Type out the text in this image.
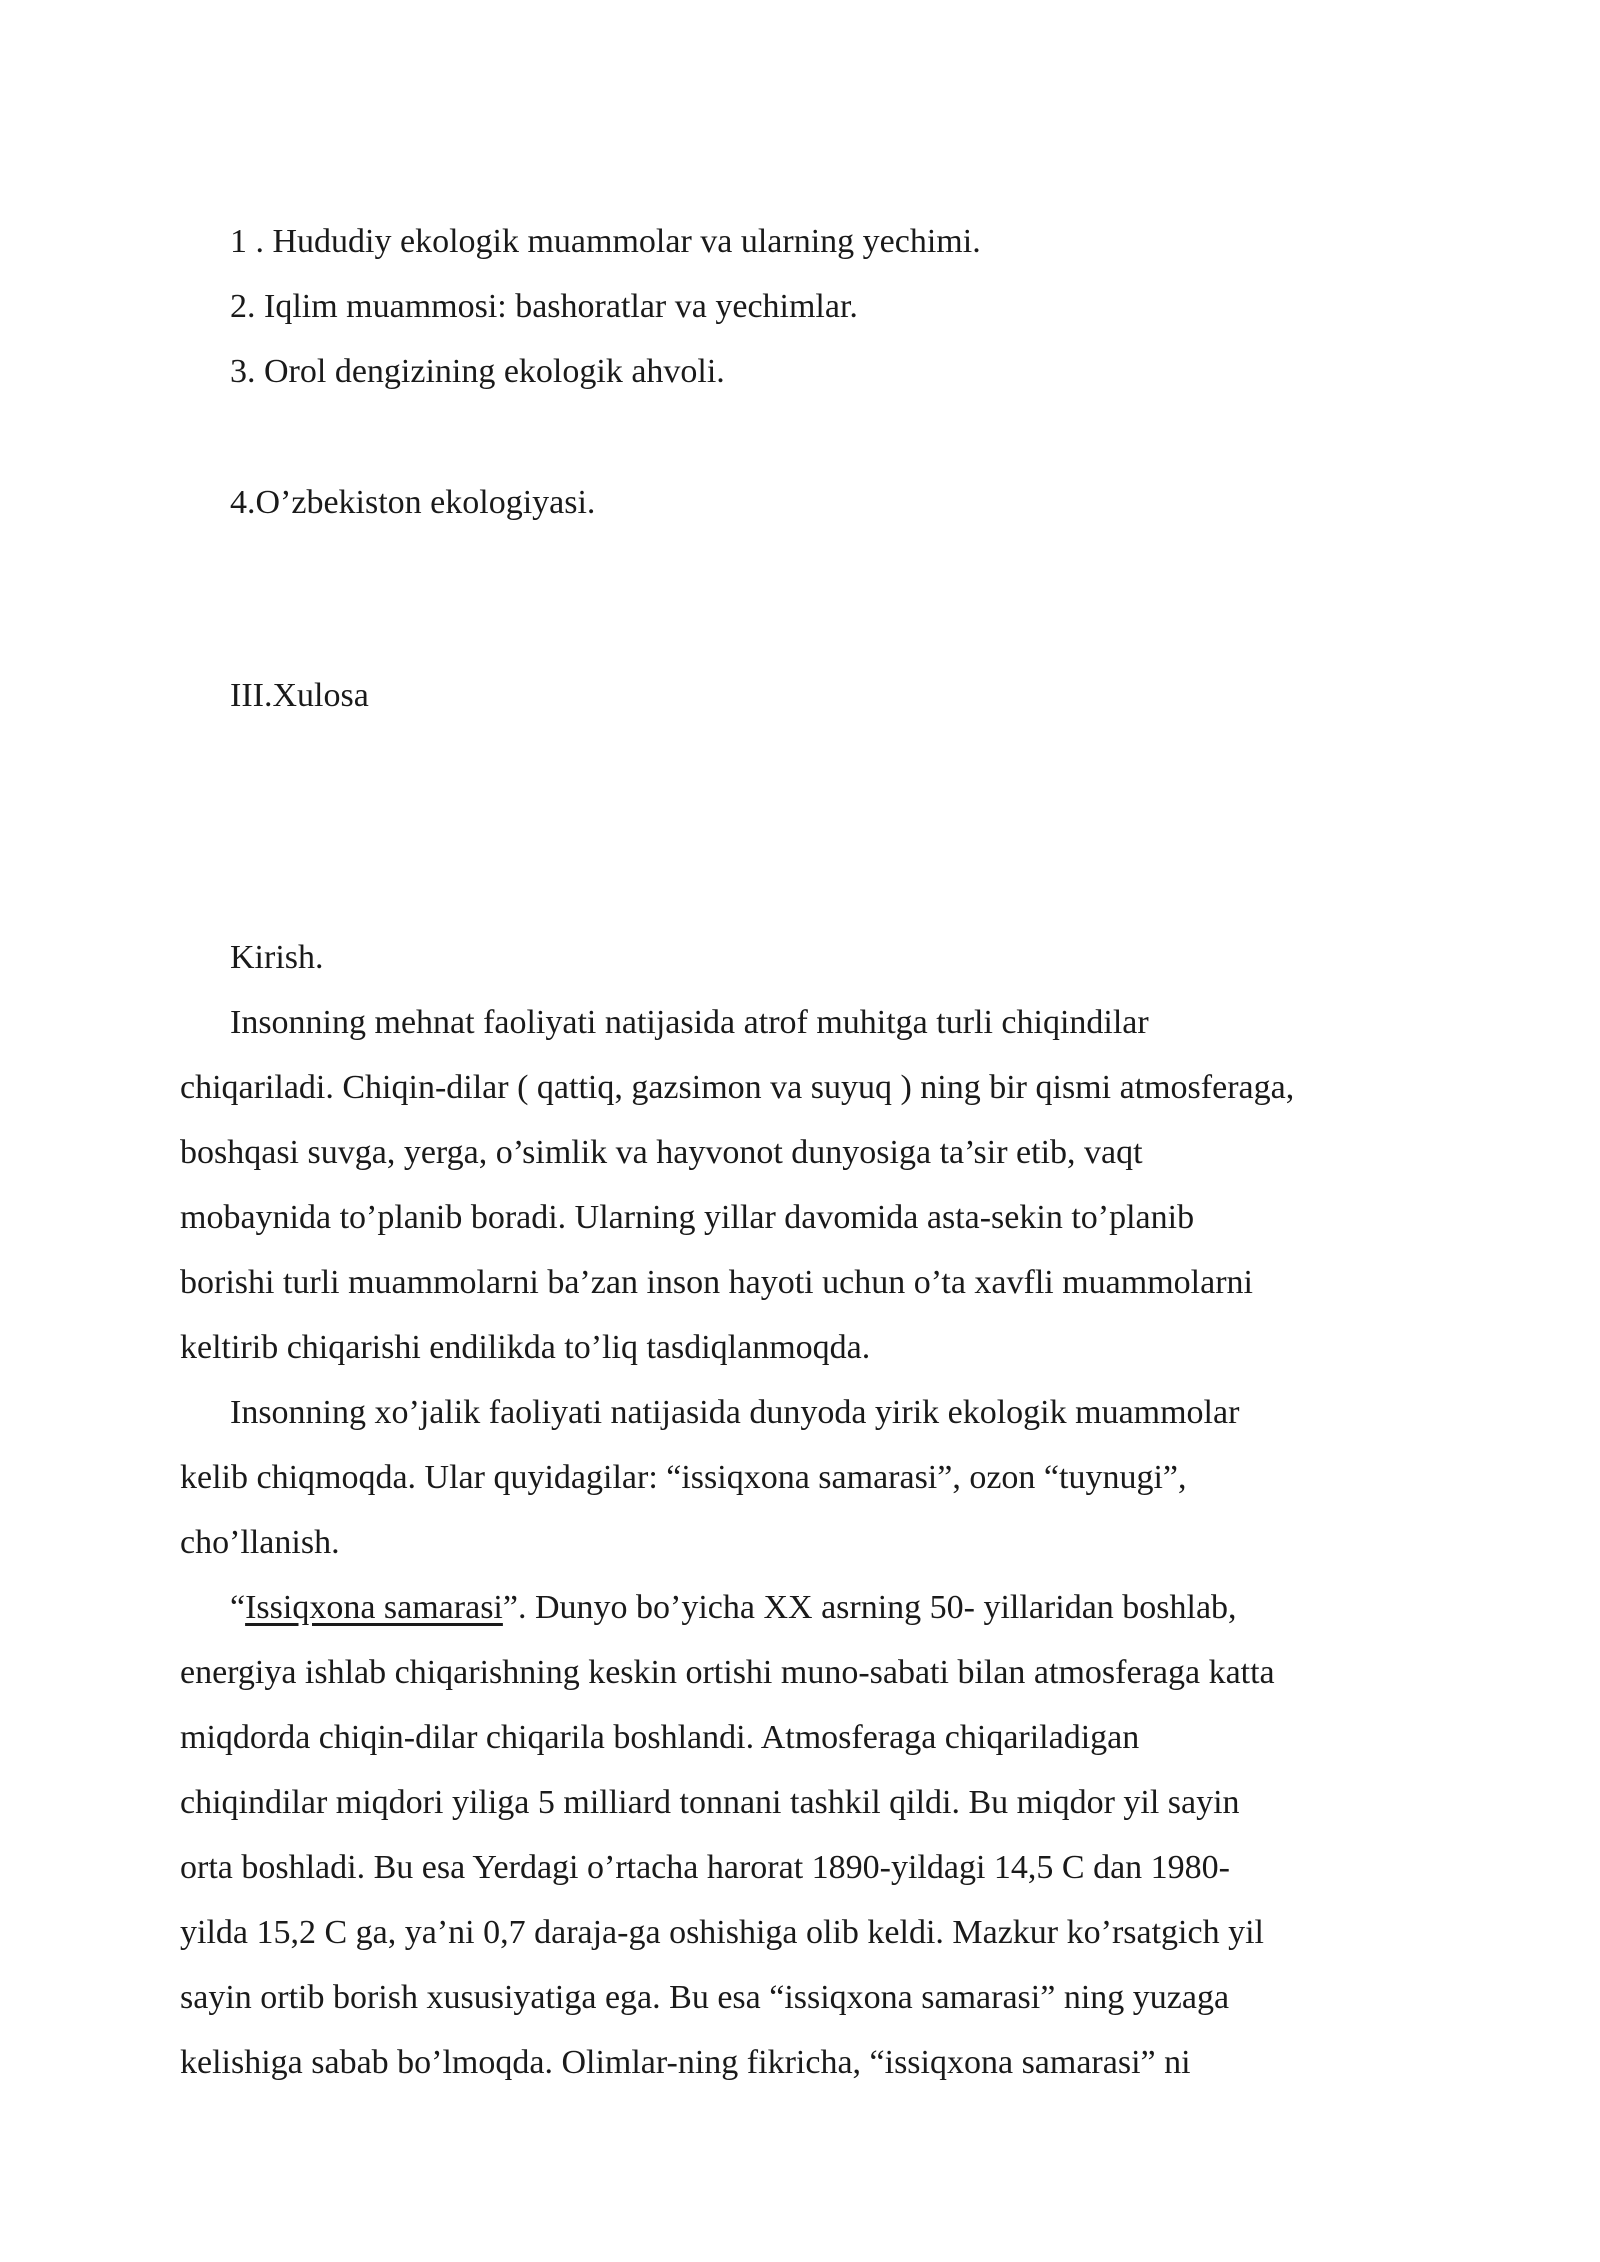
1 . Hududiy ekologik muammolar va ularning yechimi.
2. Iqlim muammosi: bashoratlar va yechimlar.
3. Orol dengizining ekologik ahvoli.
4.O’zbekiston ekologiyasi.
III.Xulosa
Kirish.
Insonning mehnat faoliyati natijasida atrof muhitga turli chiqindilar
chiqariladi. Chiqin-dilar ( qattiq, gazsimon va suyuq ) ning bir qismi atmosferaga,
boshqasi suvga, yerga, o’simlik va hayvonot dunyosiga ta’sir etib, vaqt
mobaynida to’planib boradi. Ularning yillar davomida asta-sekin to’planib
borishi turli muammolarni ba’zan inson hayoti uchun o’ta xavfli muammolarni
keltirib chiqarishi endilikda to’liq tasdiqlanmoqda.
Insonning xo’jalik faoliyati natijasida dunyoda yirik ekologik muammolar
kelib chiqmoqda. Ular quyidagilar: “issiqxona samarasi”, ozon “tuynugi”,
cho’llanish.
“Issiqxona samarasi”. Dunyo bo’yicha XX asrning 50- yillaridan boshlab,
energiya ishlab chiqarishning keskin ortishi muno-sabati bilan atmosferaga katta
miqdorda chiqin-dilar chiqarila boshlandi. Atmosferaga chiqariladigan
chiqindilar miqdori yiliga 5 milliard tonnani tashkil qildi. Bu miqdor yil sayin
orta boshladi. Bu esa Yerdagi o’rtacha harorat 1890-yildagi 14,5 C dan 1980-
yilda 15,2 C ga, ya’ni 0,7 daraja-ga oshishiga olib keldi. Mazkur ko’rsatgich yil
sayin ortib borish xususiyatiga ega. Bu esa “issiqxona samarasi” ning yuzaga
kelishiga sabab bo’lmoqda. Olimlar-ning fikricha, “issiqxona samarasi” ni
